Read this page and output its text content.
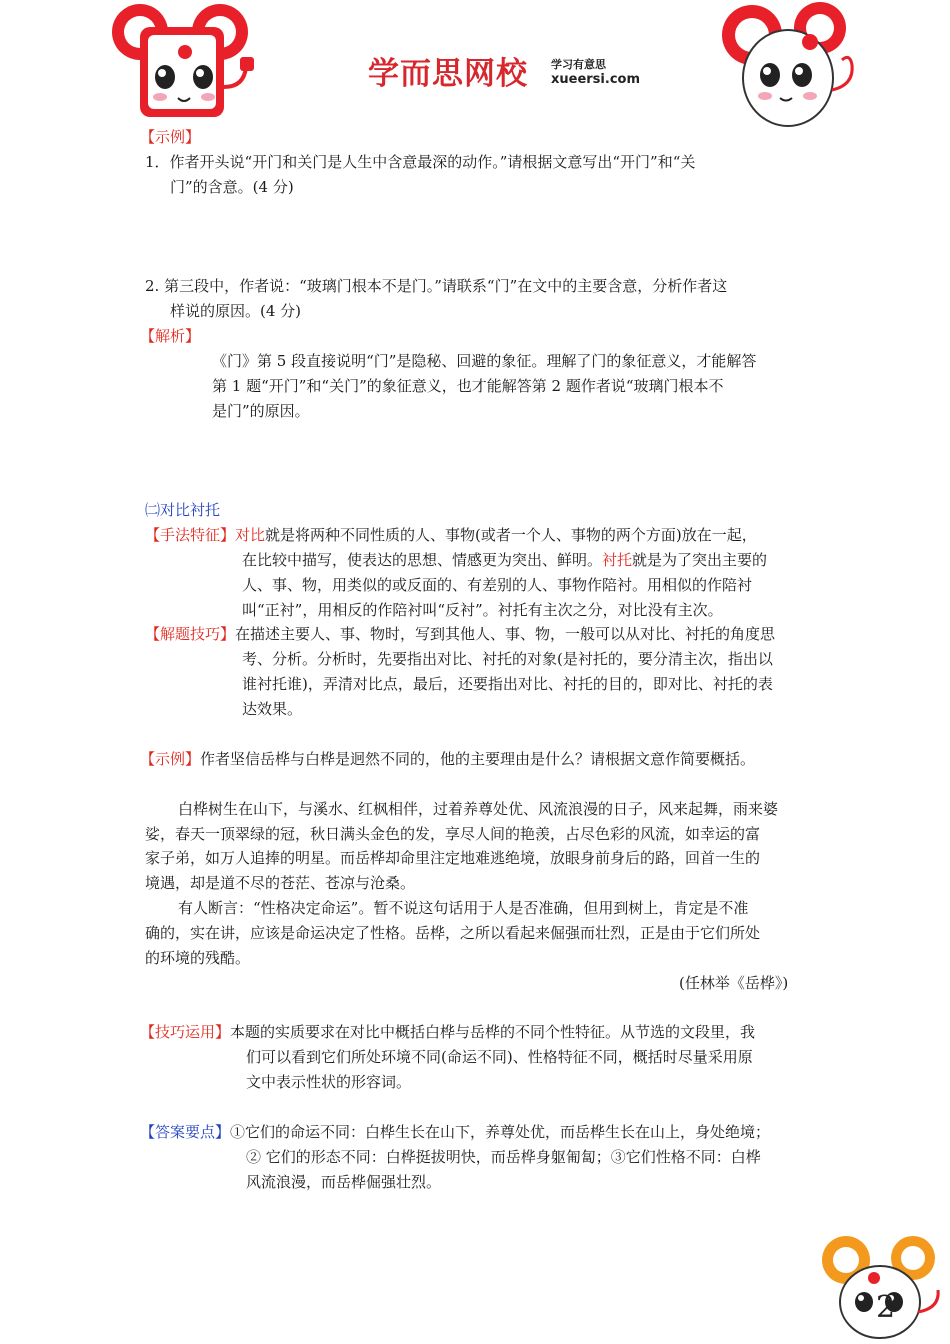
学而思网校 学习有意思
xueersi.com
【示例】
1．作者开头说“开门和关门是人生中含意最深的动作。”请根据文意写出“开门”和“关
门”的含意。(4 分)
2. 第三段中，作者说：“玻璃门根本不是门。”请联系“门”在文中的主要含意，分析作者这
样说的原因。(4 分)
【解析】
《门》第 5 段直接说明“门”是隐秘、回避的象征。理解了门的象征意义，才能解答
第 1 题“开门”和“关门”的象征意义，也才能解答第 2 题作者说“玻璃门根本不
是门”的原因。
㈡对比衬托
【手法特征】对比就是将两种不同性质的人、事物(或者一个人、事物的两个方面)放在一起，
在比较中描写，使表达的思想、情感更为突出、鲜明。衬托就是为了突出主要的
人、事、物，用类似的或反面的、有差别的人、事物作陪衬。用相似的作陪衬
叫“正衬”，用相反的作陪衬叫“反衬”。衬托有主次之分，对比没有主次。
【解题技巧】在描述主要人、事、物时，写到其他人、事、物，一般可以从对比、衬托的角度思
考、分析。分析时，先要指出对比、衬托的对象(是衬托的，要分清主次，指出以
谁衬托谁)，弄清对比点，最后，还要指出对比、衬托的目的，即对比、衬托的表
达效果。
【示例】作者坚信岳桦与白桦是迥然不同的，他的主要理由是什么？请根据文意作简要概括。
白桦树生在山下，与溪水、红枫相伴，过着养尊处优、风流浪漫的日子，风来起舞，雨来婆
娑，春天一顶翠绿的冠，秋日满头金色的发，享尽人间的艳羡，占尽色彩的风流，如幸运的富
家子弟，如万人追捧的明星。而岳桦却命里注定地难逃绝境，放眼身前身后的路，回首一生的
境遇，却是道不尽的苍茫、苍凉与沧桑。
有人断言：“性格决定命运”。暂不说这句话用于人是否准确，但用到树上，肯定是不准
确的，实在讲，应该是命运决定了性格。岳桦，之所以看起来倔强而壮烈，正是由于它们所处
的环境的残酷。
(任林举《岳桦》)
【技巧运用】本题的实质要求在对比中概括白桦与岳桦的不同个性特征。从节选的文段里，我
们可以看到它们所处环境不同(命运不同)、性格特征不同，概括时尽量采用原
文中表示性状的形容词。
【答案要点】①它们的命运不同：白桦生长在山下，养尊处优，而岳桦生长在山上，身处绝境；
② 它们的形态不同：白桦挺拔明快，而岳桦身躯匍匐；③它们性格不同：白桦
风流浪漫，而岳桦倔强壮烈。
2
